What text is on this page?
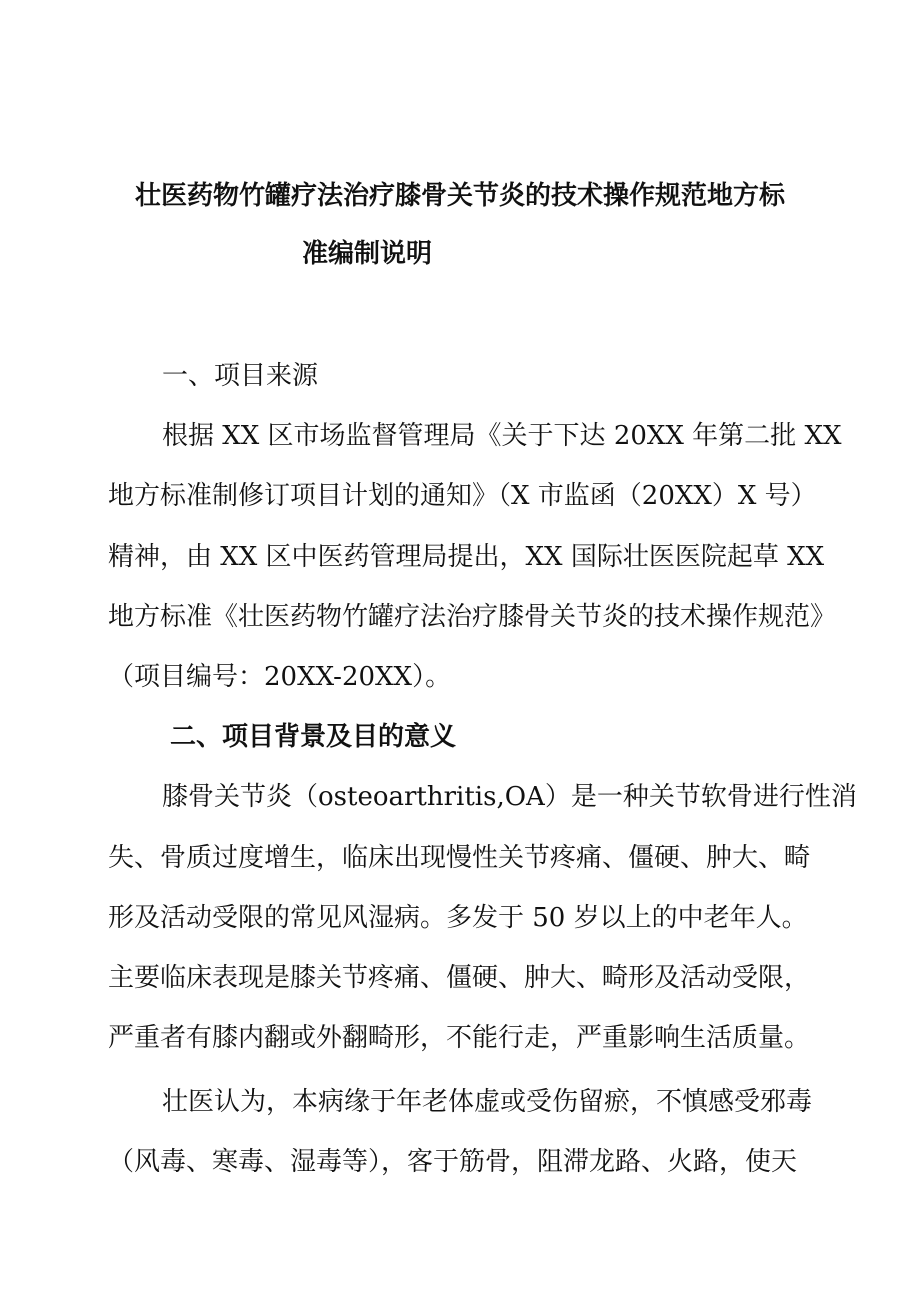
壮医药物竹罐疗法治疗膝骨关节炎的技术操作规范地方标
准编制说明
一、项目来源
根据 XX 区市场监督管理局《关于下达 20XX 年第二批 XX
地方标准制修订项目计划的通知》（X 市监函（20XX）X 号）
精神，由 XX 区中医药管理局提出，XX 国际壮医医院起草 XX
地方标准《壮医药物竹罐疗法治疗膝骨关节炎的技术操作规范》
（项目编号：20XX-20XX）。
二、项目背景及目的意义
膝骨关节炎（osteoarthritis,OA）是一种关节软骨进行性消
失、骨质过度增生，临床出现慢性关节疼痛、僵硬、肿大、畸
形及活动受限的常见风湿病。多发于 50 岁以上的中老年人。
主要临床表现是膝关节疼痛、僵硬、肿大、畸形及活动受限，
严重者有膝内翻或外翻畸形，不能行走，严重影响生活质量。
壮医认为，本病缘于年老体虚或受伤留瘀，不慎感受邪毒
（风毒、寒毒、湿毒等），客于筋骨，阻滞龙路、火路，使天
